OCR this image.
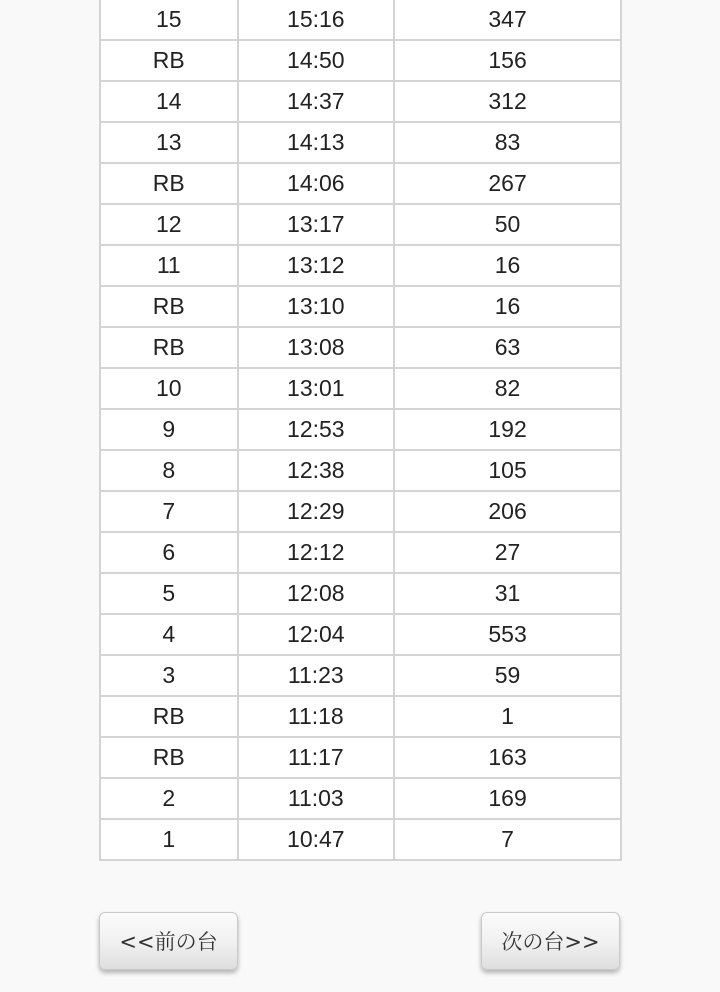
15	15:16	347
RB	14:50	156
14	14:37	312
13	14:13	83
RB	14:06	267
12	13:17	50
11	13:12	16
RB	13:10	16
RB	13:08	63
10	13:01	82
9	12:53	192
8	12:38	105
7	12:29	206
6	12:12	27
5	12:08	31
4	12:04	553
3	11:23	59
RB	11:18	1
RB	11:17	163
2	11:03	169
1	10:47	7
<<前の台	次の台>>
